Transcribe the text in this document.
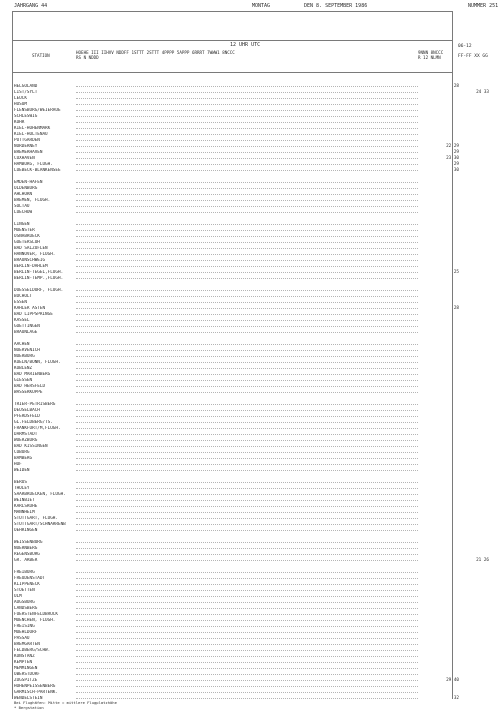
JAHRGANG 44	MONTAG	DEN 8. SEPTEMBER 1986	NUMMER 251
12 UHR UTC	06-12
FF-FF XX GG
STATION
HOEHE III IIHVV NDDFF 1STTT 2STTT 4PPPP 5APPP 6RRRT 7WWW1 8NCCC
RS N NDDD
9NNN 8NCCC
R 12 NLMN
HELGOLAND	28
LIST/SYLT	24 33
LEUCK
HUSUM
FLENSBURG/WEIERAUE
SCHLESWIG
KOHR
KIEL-HOHENMARK
KIEL-HOLTENAU
PUTTGARDEN
NORDERNEY	22 29
BREMERHAVEN	29
CUXHAVEN	23 30
HAMBURG, FLUGH.	29
LUEBECK-BLANKENSEE	30
EMDEN-HAFEN
OLDENBURG
AHLHORN
BREMEN, FLUGH.
SOLTAU
LUECHOW
LINGEN
MUENSTER
OSNABRUECK
GUETERSLOH
BAD SALZUFLEN
HANNOVER, FLUGH.
BRAUNSCHWEIG
BERLIN-DAHLEM
BERLIN-TEGEL,FLUGH.	25
BERLIN-TEMP.,FLUGH.
DUESSELDORF, FLUGH.
BOCHOLT
ESSEN
KAHLER ASTEN	28
BAD LIPPSPRINGE
KASSEL
GOETTINGEN
BRAUNLAGE
AACHEN
NOERVENICH
NUERBURG
KOELN/BONN, FLUGH.
KOBLENZ
BAD MARIENBERG
GIESSEN
BAD HERSFELD
WASSERKUPPE
TRIER-PETRISBERG
DEUSELBACH
PFERDSFELD
GL.FELDBERG/TS.
FRANKFURT/M,FLUGH.
DARMSTADT
WUERZBURG
BAD KISSINGEN
COBURG
BAMBERG
HOF
WEIDEN
BERUS
THOLEY
SAARBRUECKEN, FLUGH.
WEINBIET
KARLSRUHE
MANNHEIM
STUTTGART, FLUGH.
STUTTGART/SCHNARRENB
OEHRINGEN
WEISSENBURG
NUERNBERG
REGENSBURG
GR. ARBER	21 26
FREIBURG
FREUDENSTADT
KLIPPENECK
STOETTEN
ULM
AUGSBURG
LANDSBERG
FUERSTENFELDBRUCK
MUENCHEN, FLUGH.
FREISING
MUEHLDORF
PASSAU
BREMGARTEN
FELDBERG/SCHW.
KONSTANZ
KEMPTEN
MEMMINGEN
OBERSTDORF
ZUGSPITZE	29 40
HOHENPEISSENBERG
GARMISCH-PARTENK.
WENDELSTEIN	32
Bei Flughäfen: Mitte = mittlere Flugplatzhöhe
* Bergstation
